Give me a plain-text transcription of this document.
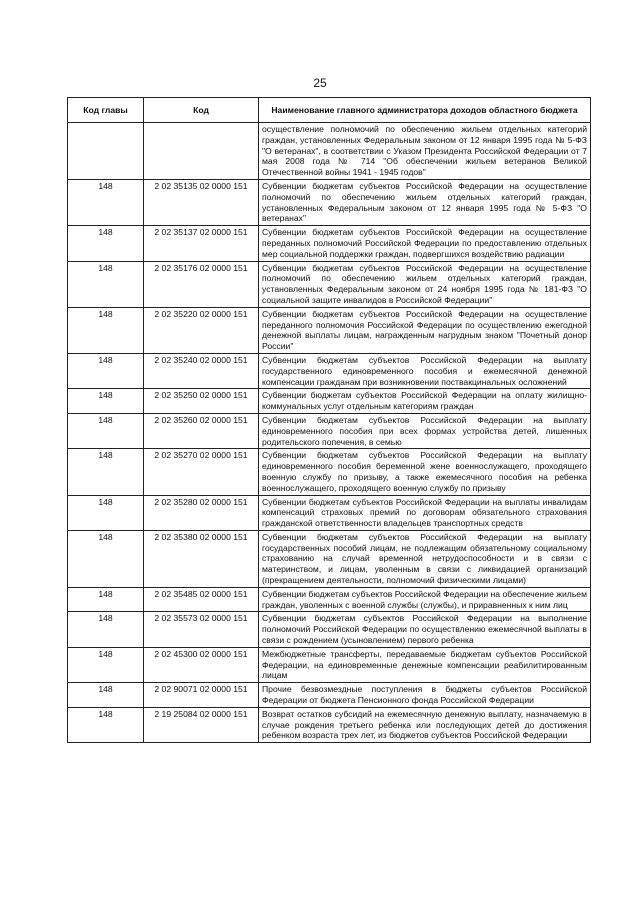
25
Код главы	Код	Наименование главного администратора доходов областного бюджета
		осуществление полномочий по обеспечению жильем отдельных категорий граждан, установленных Федеральным законом от 12 января 1995 года № 5-ФЗ "О ветеранах", в соответствии с Указом Президента Российской Федерации от 7 мая 2008 года № 714 "Об обеспечении жильем ветеранов Великой Отечественной войны 1941 - 1945 годов"
148	2 02 35135 02 0000 151	Субвенции бюджетам субъектов Российской Федерации на осуществление полномочий по обеспечению жильем отдельных категорий граждан, установленных Федеральным законом от 12 января 1995 года № 5-ФЗ "О ветеранах"
148	2 02 35137 02 0000 151	Субвенции бюджетам субъектов Российской Федерации на осуществление переданных полномочий Российской Федерации по предоставлению отдельных мер социальной поддержки граждан, подвергшихся воздействию радиации
148	2 02 35176 02 0000 151	Субвенции бюджетам субъектов Российской Федерации на осуществление полномочий по обеспечению жильем отдельных категорий граждан, установленных Федеральным законом от 24 ноября 1995 года № 181-ФЗ "О социальной защите инвалидов в Российской Федерации"
148	2 02 35220 02 0000 151	Субвенции бюджетам субъектов Российской Федерации на осуществление переданного полномочия Российской Федерации по осуществлению ежегодной денежной выплаты лицам, награжденным нагрудным знаком "Почетный донор России"
148	2 02 35240 02 0000 151	Субвенции бюджетам субъектов Российской Федерации на выплату государственного единовременного пособия и ежемесячной денежной компенсации гражданам при возникновении поствакцинальных осложнений
148	2 02 35250 02 0000 151	Субвенции бюджетам субъектов Российской Федерации на оплату жилищно-коммунальных услуг отдельным категориям граждан
148	2 02 35260 02 0000 151	Субвенции бюджетам субъектов Российской Федерации на выплату единовременного пособия при всех формах устройства детей, лишенных родительского попечения, в семью
148	2 02 35270 02 0000 151	Субвенции бюджетам субъектов Российской Федерации на выплату единовременного пособия беременной жене военнослужащего, проходящего военную службу по призыву, а также ежемесячного пособия на ребенка военнослужащего, проходящего военную службу по призыву
148	2 02 35280 02 0000 151	Субвенции бюджетам субъектов Российской Федерации на выплаты инвалидам компенсаций страховых премий по договорам обязательного страхования гражданской ответственности владельцев транспортных средств
148	2 02 35380 02 0000 151	Субвенции бюджетам субъектов Российской Федерации на выплату государственных пособий лицам, не подлежащим обязательному социальному страхованию на случай временной нетрудоспособности и в связи с материнством, и лицам, уволенным в связи с ликвидацией организаций (прекращением деятельности, полномочий физическими лицами)
148	2 02 35485 02 0000 151	Субвенции бюджетам субъектов Российской Федерации на обеспечение жильем граждан, уволенных с военной службы (службы), и приравненных к ним лиц
148	2 02 35573 02 0000 151	Субвенции бюджетам субъектов Российской Федерации на выполнение полномочий Российской Федерации по осуществлению ежемесячной выплаты в связи с рождением (усыновлением) первого ребенка
148	2 02 45300 02 0000 151	Межбюджетные трансферты, передаваемые бюджетам субъектов Российской Федерации, на единовременные денежные компенсации реабилитированным лицам
148	2 02 90071 02 0000 151	Прочие безвозмездные поступления в бюджеты субъектов Российской Федерации от бюджета Пенсионного фонда Российской Федерации
148	2 19 25084 02 0000 151	Возврат остатков субсидий на ежемесячную денежную выплату, назначаемую в случае рождения третьего ребенка или последующих детей до достижения ребенком возраста трех лет, из бюджетов субъектов Российской Федерации
